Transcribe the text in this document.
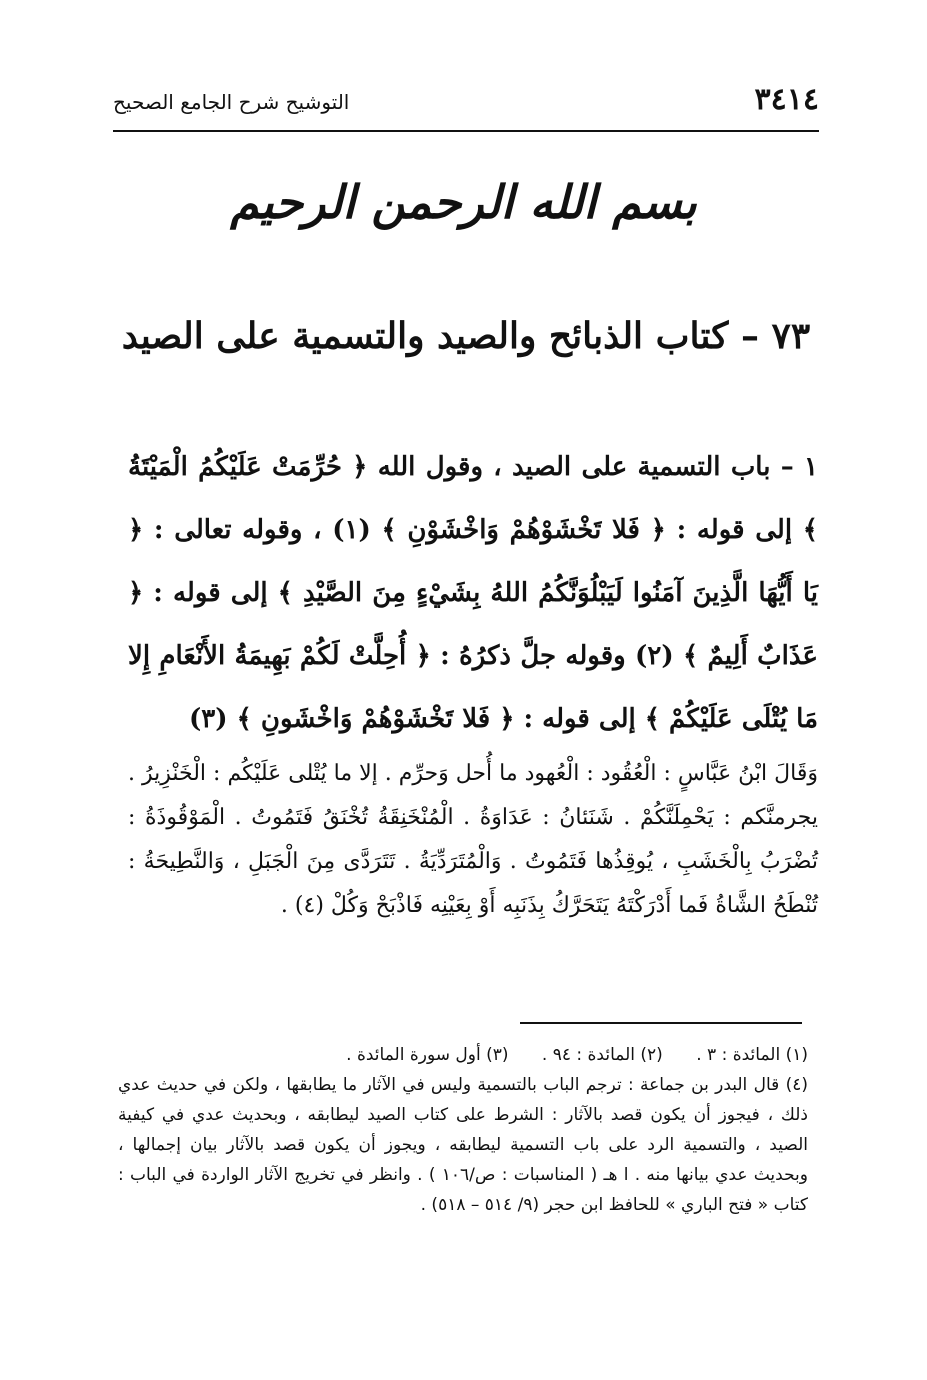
٣٤١٤
التوشيح شرح الجامع الصحيح
بسم الله الرحمن الرحيم
٧٣ – كتاب الذبائح والصيد والتسمية على الصيد
١ – باب التسمية على الصيد ، وقول الله ﴿ حُرِّمَتْ عَلَيْكُمُ الْمَيْتَةُ ﴾ إلى قوله : ﴿ فَلا تَخْشَوْهُمْ وَاخْشَوْنِ ﴾ (١) ، وقوله تعالى : ﴿ يَا أَيُّهَا الَّذِينَ آمَنُوا لَيَبْلُوَنَّكُمُ اللهُ بِشَيْءٍ مِنَ الصَّيْدِ ﴾ إلى قوله : ﴿ عَذَابٌ أَلِيمٌ ﴾ (٢) وقوله جلَّ ذكرُهُ : ﴿ أُحِلَّتْ لَكُمْ بَهِيمَةُ الأَنْعَامِ إِلا مَا يُتْلَى عَلَيْكُمْ ﴾ إلى قوله : ﴿ فَلا تَخْشَوْهُمْ وَاخْشَونِ ﴾ (٣)
وَقَالَ ابْنُ عَبَّاسٍ : الْعُقُود : الْعُهود ما أُحل وَحرِّم . إلا ما يُتْلى عَلَيْكُم : الْخَنْزِيرُ . يجرمنَّكم : يَحْمِلَنَّكُمْ . شَنَئانُ : عَدَاوَةُ . الْمُنْخَنِقَةُ تُخْنَقُ فَتَمُوتُ . الْمَوْقُوذَةُ : تُضْرَبُ بِالْخَشَبِ ، يُوقِذُها فَتَمُوتُ . وَالْمُتَرَدِّيَةُ . تَتَرَدَّى مِنَ الْجَبَلِ ، وَالنَّطِيحَةُ : تُنْطَحُ الشَّاةُ فَما أَدْرَكْتَهُ يَتَحَرَّكُ بِذَنَبِه أَوْ بِعَيْنِه فَاذْبَحْ وَكُلْ (٤) .
(١) المائدة : ٣ . (٢) المائدة : ٩٤ . (٣) أول سورة المائدة .
(٤) قال البدر بن جماعة : ترجم الباب بالتسمية وليس في الآثار ما يطابقها ، ولكن في حديث عدي ذلك ، فيجوز أن يكون قصد بالآثار : الشرط على كتاب الصيد ليطابقه ، وبحديث عدي في كيفية الصيد ، والتسمية الرد على باب التسمية ليطابقه ، ويجوز أن يكون قصد بالآثار بيان إجمالها ، وبحديث عدي بيانها منه . ا هـ ( المناسبات : ص/١٠٦ ) . وانظر في تخريج الآثار الواردة في الباب : كتاب « فتح الباري » للحافظ ابن حجر (٩/ ٥١٤ – ٥١٨) .
